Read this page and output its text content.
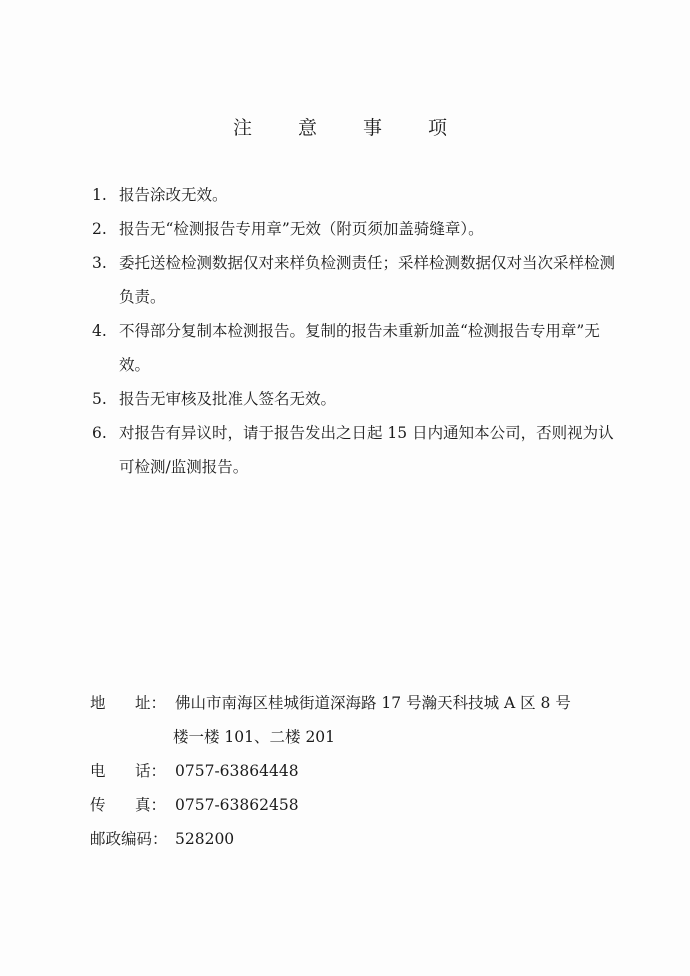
注 意 事 项
1. 报告涂改无效。
2. 报告无“检测报告专用章”无效（附页须加盖骑缝章）。
3. 委托送检检测数据仅对来样负检测责任；采样检测数据仅对当次采样检测
负责。
4. 不得部分复制本检测报告。复制的报告未重新加盖“检测报告专用章”无
效。
5. 报告无审核及批准人签名无效。
6. 对报告有异议时，请于报告发出之日起 15 日内通知本公司，否则视为认
可检测/监测报告。
地      址： 佛山市南海区桂城街道深海路 17 号瀚天科技城 A 区 8 号
楼一楼 101、二楼 201
电      话： 0757-63864448
传      真： 0757-63862458
邮政编码： 528200
